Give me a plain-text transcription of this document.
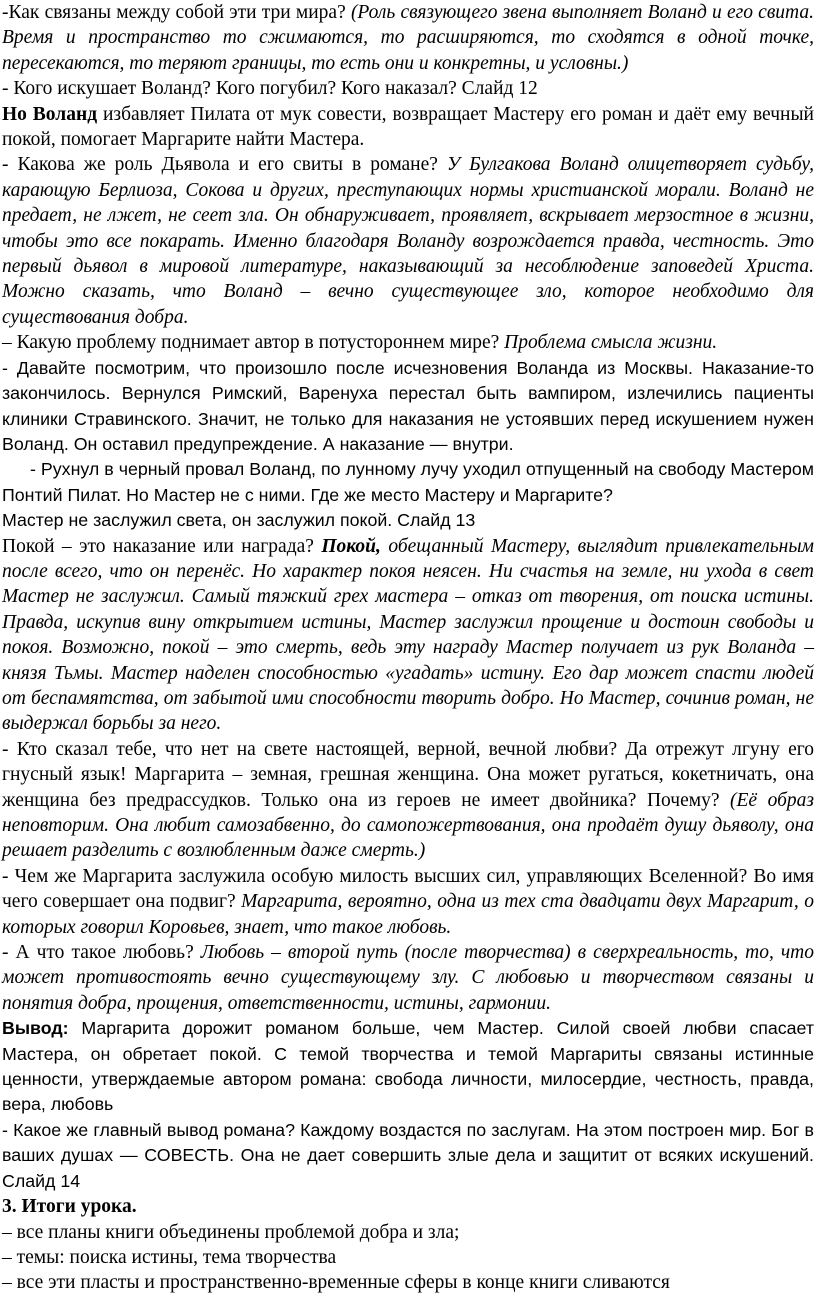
-Как связаны между собой эти три мира? (Роль связующего звена выполняет Воланд и его свита. Время и пространство то сжимаются, то расширяются, то сходятся в одной точке, пересекаются, то теряют границы, то есть они и конкретны, и условны.)

- Кого искушает Воланд? Кого погубил? Кого наказал? Слайд 12

Но Воланд избавляет Пилата от мук совести, возвращает Мастеру его роман и даёт ему вечный покой, помогает Маргарите найти Мастера.

- Какова же роль Дьявола и его свиты в романе? У Булгакова Воланд олицетворяет судьбу, карающую Берлиоза, Сокова и других, преступающих нормы христианской морали. Воланд не предает, не лжет, не сеет зла. Он обнаруживает, проявляет, вскрывает мерзостное в жизни, чтобы это все покарать. Именно благодаря Воланду возрождается правда, честность. Это первый дьявол в мировой литературе, наказывающий за несоблюдение заповедей Христа. Можно сказать, что Воланд – вечно существующее зло, которое необходимо для существования добра.

– Какую проблему поднимает автор в потустороннем мире? Проблема смысла жизни.

- Давайте посмотрим, что произошло после исчезновения Воланда из Москвы. Наказание-то закончилось. Вернулся Римский, Варенуха перестал быть вампиром, излечились пациенты клиники Стравинского. Значит, не только для наказания не устоявших перед искушением нужен Воланд. Он оставил предупреждение. А наказание — внутри.

- Рухнул в черный провал Воланд, по лунному лучу уходил отпущенный на свободу Мастером Понтий Пилат. Но Мастер не с ними. Где же место Мастеру и Маргарите?

Мастер не заслужил света, он заслужил покой. Слайд 13

Покой – это наказание или награда? Покой, обещанный Мастеру, выглядит привлекательным после всего, что он перенёс. Но характер покоя неясен. Ни счастья на земле, ни ухода в свет Мастер не заслужил. Самый тяжкий грех мастера – отказ от творения, от поиска истины. Правда, искупив вину открытием истины, Мастер заслужил прощение и достоин свободы и покоя. Возможно, покой – это смерть, ведь эту награду Мастер получает из рук Воланда – князя Тьмы. Мастер наделен способностью «угадать» истину. Его дар может спасти людей от беспамятства, от забытой ими способности творить добро. Но Мастер, сочинив роман, не выдержал борьбы за него.

- Кто сказал тебе, что нет на свете настоящей, верной, вечной любви? Да отрежут лгуну его гнусный язык! Маргарита – земная, грешная женщина. Она может ругаться, кокетничать, она женщина без предрассудков. Только она из героев не имеет двойника? Почему? (Её образ неповторим. Она любит самозабвенно, до самопожертвования, она продаёт душу дьяволу, она решает разделить с возлюбленным даже смерть.)

- Чем же Маргарита заслужила особую милость высших сил, управляющих Вселенной? Во имя чего совершает она подвиг? Маргарита, вероятно, одна из тех ста двадцати двух Маргарит, о которых говорил Коровьев, знает, что такое любовь.

- А что такое любовь? Любовь – второй путь (после творчества) в сверхреальность, то, что может противостоять вечно существующему злу. С любовью и творчеством связаны и понятия добра, прощения, ответственности, истины, гармонии.

Вывод: Маргарита дорожит романом больше, чем Мастер. Силой своей любви спасает Мастера, он обретает покой. С темой творчества и темой Маргариты связаны истинные ценности, утверждаемые автором романа: свобода личности, милосердие, честность, правда, вера, любовь

- Какое же главный вывод романа? Каждому воздастся по заслугам. На этом построен мир. Бог в ваших душах — СОВЕСТЬ. Она не дает совершить злые дела и защитит от всяких искушений. Слайд 14

3. Итоги урока.

– все планы книги объединены проблемой добра и зла;

– темы: поиска истины, тема творчества

– все эти пласты и пространственно-временные сферы в конце книги сливаются
